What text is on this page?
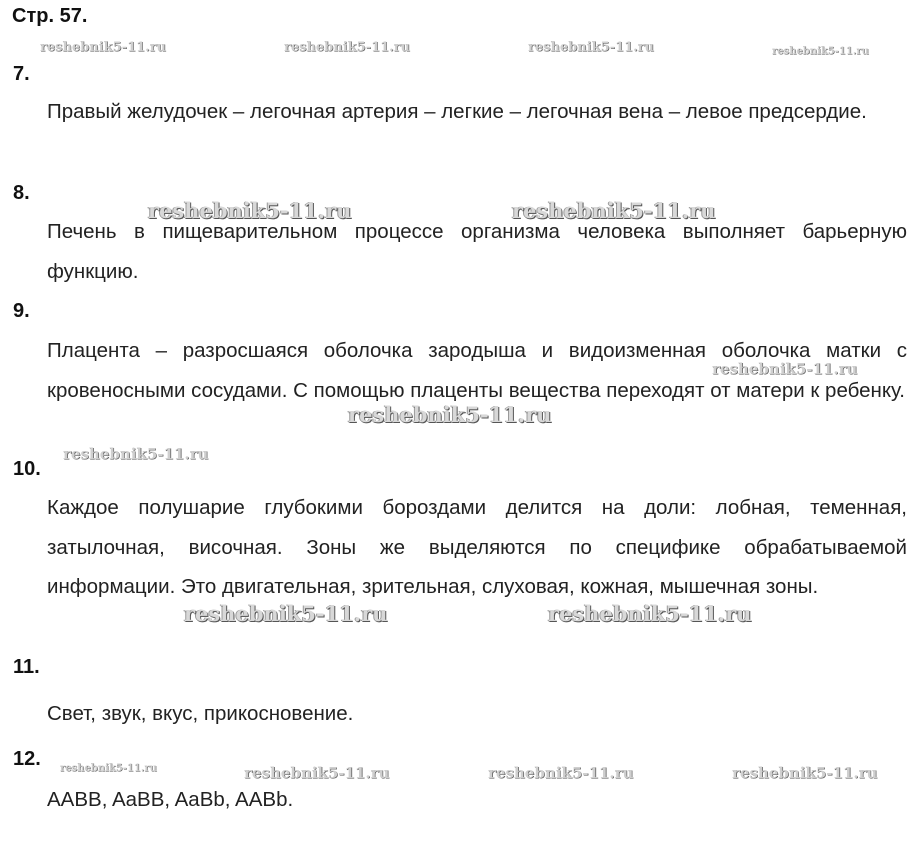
Стр. 57.
7.
Правый желудочек – легочная артерия – легкие – легочная вена – левое предсердие.
8.
Печень в пищеварительном процессе организма человека выполняет барьерную функцию.
9.
Плацента – разросшаяся оболочка зародыша и видоизменная оболочка матки с кровеносными сосудами. С помощью плаценты вещества переходят от матери к ребенку.
10.
Каждое полушарие глубокими бороздами делится на доли: лобная, теменная, затылочная, височная. Зоны же выделяются по специфике обрабатываемой информации. Это двигательная, зрительная, слуховая, кожная, мышечная зоны.
11.
Свет, звук, вкус, прикосновение.
12.
AABB, AaBB, AaBb, AABb.
reshebnik5-11.ru	reshebnik5-11.ru	reshebnik5-11.ru	reshebnik5-11.ru
reshebnik5-11.ru	reshebnik5-11.ru
reshebnik5-11.ru
reshebnik5-11.ru
reshebnik5-11.ru
reshebnik5-11.ru	reshebnik5-11.ru
reshebnik5-11.ru	reshebnik5-11.ru	reshebnik5-11.ru	reshebnik5-11.ru
